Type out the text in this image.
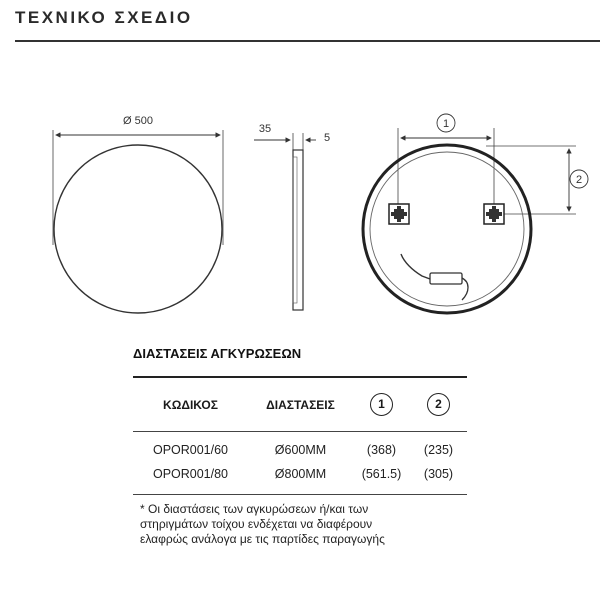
ΤΕΧΝΙΚΟ ΣΧΕΔΙΟ
Ø 500
35
5
1
2
ΔΙΑΣΤΑΣΕΙΣ ΑΓΚΥΡΩΣΕΩΝ
ΚΩΔΙΚΟΣ	ΔΙΑΣΤΑΣΕΙΣ	1	2
OPOR001/60	Ø600MM	(368)	(235)
OPOR001/80	Ø800MM	(561.5)	(305)
* Οι διαστάσεις των αγκυρώσεων ή/και των
στηριγμάτων τοίχου ενδέχεται να διαφέρουν
ελαφρώς ανάλογα με τις παρτίδες παραγωγής
